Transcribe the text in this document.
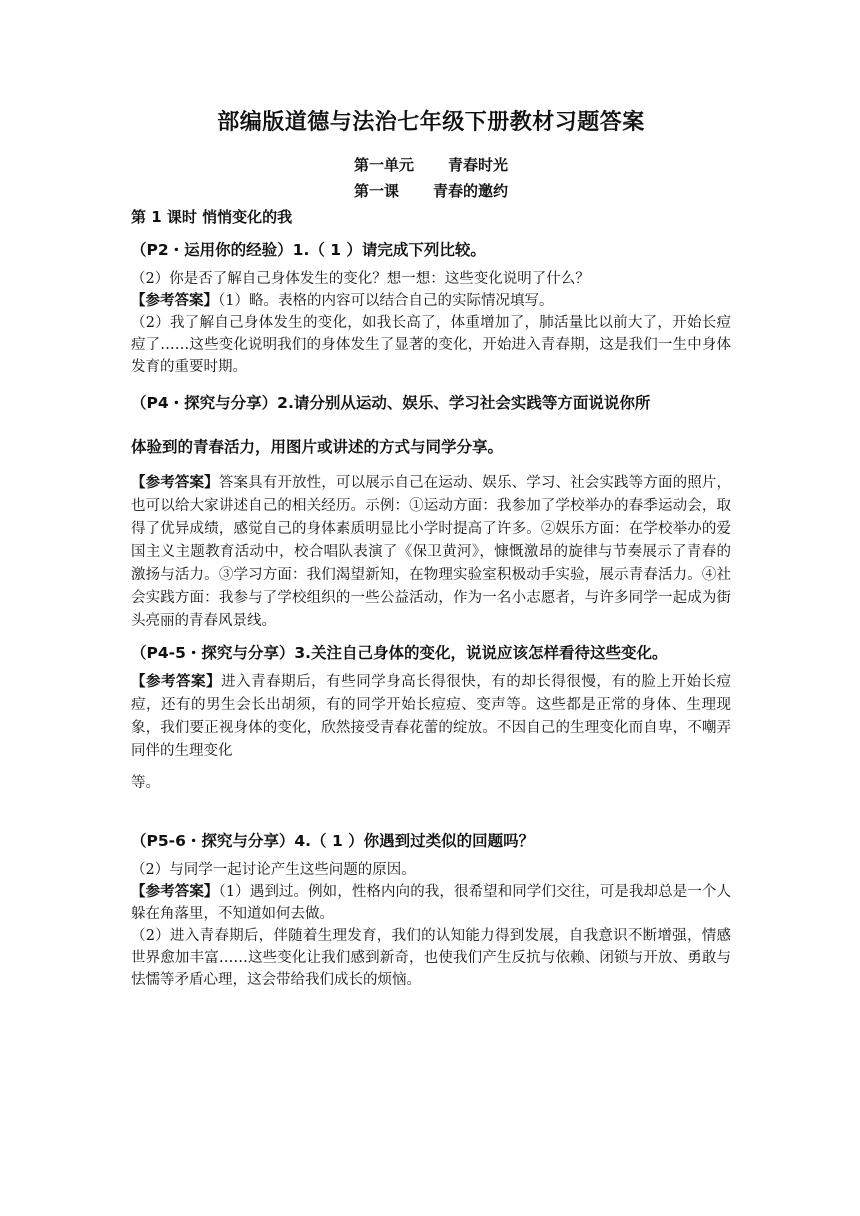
部编版道德与法治七年级下册教材习题答案

第一单元 青春时光

第一课 青春的邀约

第 1 课时 悄悄变化的我

（P2・运用你的经验）1.（ 1 ）请完成下列比较。

（2）你是否了解自己身体发生的变化？想一想：这些变化说明了什么？

【参考答案】（1）略。表格的内容可以结合自己的实际情况填写。

（2）我了解自己身体发生的变化，如我长高了，体重增加了，肺活量比以前大了，开始长痘痘了……这些变化说明我们的身体发生了显著的变化，开始进入青春期，这是我们一生中身体发育的重要时期。

（P4・探究与分享）2.请分别从运动、娱乐、学习社会实践等方面说说你所

体验到的青春活力，用图片或讲述的方式与同学分享。

【参考答案】答案具有开放性，可以展示自己在运动、娱乐、学习、社会实践等方面的照片，也可以给大家讲述自己的相关经历。示例：①运动方面：我参加了学校举办的春季运动会，取得了优异成绩，感觉自己的身体素质明显比小学时提高了许多。②娱乐方面：在学校举办的爱国主义主题教育活动中，校合唱队表演了《保卫黄河》，慷慨激昂的旋律与节奏展示了青春的激扬与活力。③学习方面：我们渴望新知，在物理实验室积极动手实验，展示青春活力。④社会实践方面：我参与了学校组织的一些公益活动，作为一名小志愿者，与许多同学一起成为街头亮丽的青春风景线。

（P4-5・探究与分享）3.关注自己身体的变化，说说应该怎样看待这些变化。

【参考答案】进入青春期后，有些同学身高长得很快，有的却长得很慢，有的脸上开始长痘痘，还有的男生会长出胡须，有的同学开始长痘痘、变声等。这些都是正常的身体、生理现象，我们要正视身体的变化，欣然接受青春花蕾的绽放。不因自己的生理变化而自卑，不嘲弄同伴的生理变化

等。

（P5-6・探究与分享）4.（ 1 ）你遇到过类似的回题吗？

（2）与同学一起讨论产生这些问题的原因。

【参考答案】（1）遇到过。例如，性格内向的我，很希望和同学们交往，可是我却总是一个人躲在角落里，不知道如何去做。

（2）进入青春期后，伴随着生理发育，我们的认知能力得到发展，自我意识不断增强，情感世界愈加丰富……这些变化让我们感到新奇，也使我们产生反抗与依赖、闭锁与开放、勇敢与怯懦等矛盾心理，这会带给我们成长的烦恼。
